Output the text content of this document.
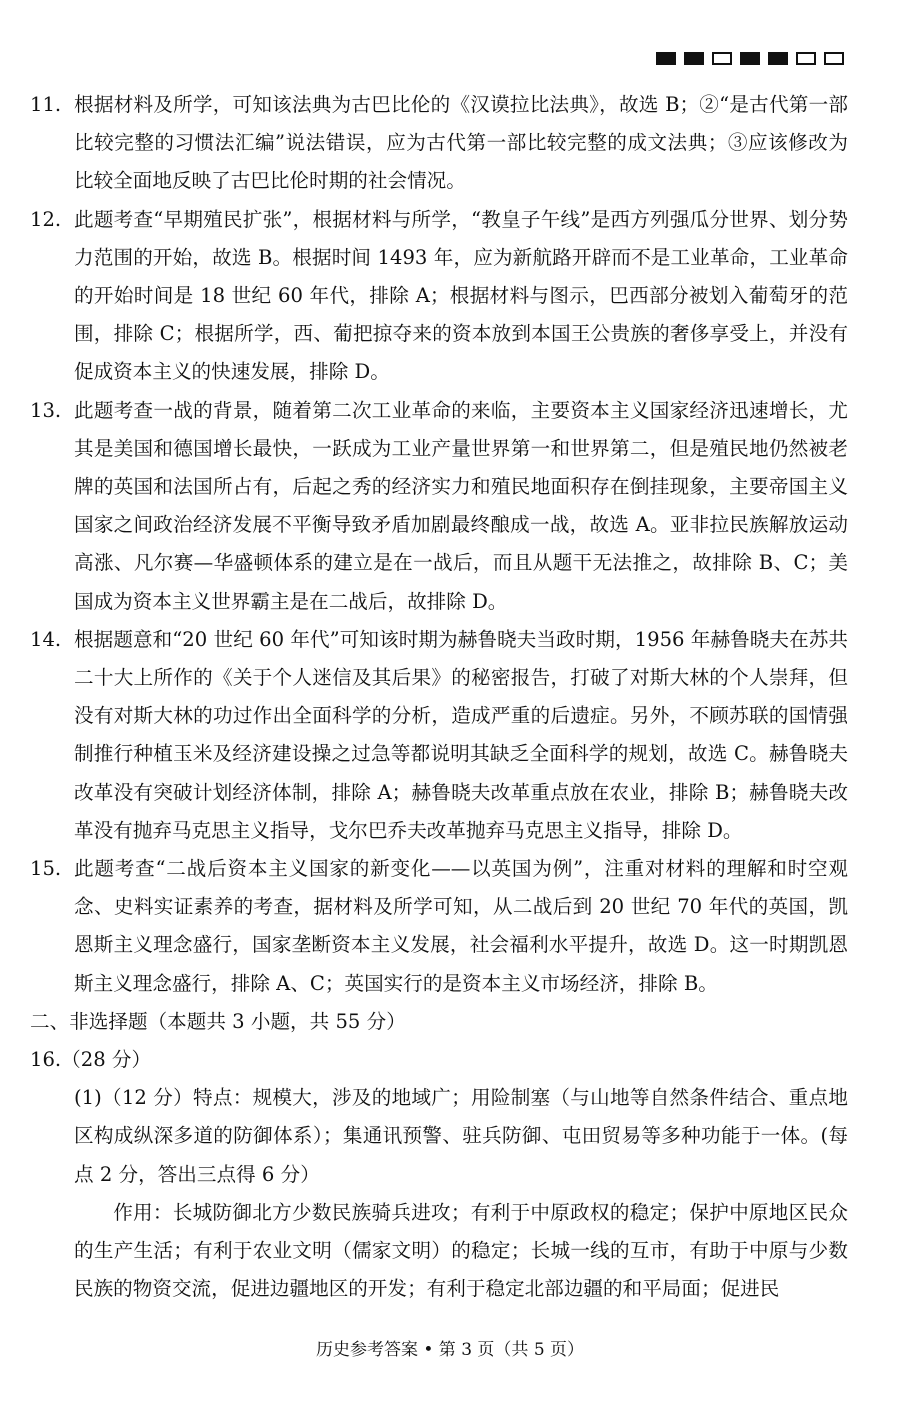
11. 根据材料及所学，可知该法典为古巴比伦的《汉谟拉比法典》，故选 B；②“是古代第一部比较完整的习惯法汇编”说法错误，应为古代第一部比较完整的成文法典；③应该修改为比较全面地反映了古巴比伦时期的社会情况。

12. 此题考查“早期殖民扩张”，根据材料与所学，“教皇子午线”是西方列强瓜分世界、划分势力范围的开始，故选 B。根据时间 1493 年，应为新航路开辟而不是工业革命，工业革命的开始时间是 18 世纪 60 年代，排除 A；根据材料与图示，巴西部分被划入葡萄牙的范围，排除 C；根据所学，西、葡把掠夺来的资本放到本国王公贵族的奢侈享受上，并没有促成资本主义的快速发展，排除 D。

13. 此题考查一战的背景，随着第二次工业革命的来临，主要资本主义国家经济迅速增长，尤其是美国和德国增长最快，一跃成为工业产量世界第一和世界第二，但是殖民地仍然被老牌的英国和法国所占有，后起之秀的经济实力和殖民地面积存在倒挂现象，主要帝国主义国家之间政治经济发展不平衡导致矛盾加剧最终酿成一战，故选 A。亚非拉民族解放运动高涨、凡尔赛—华盛顿体系的建立是在一战后，而且从题干无法推之，故排除 B、C；美国成为资本主义世界霸主是在二战后，故排除 D。

14. 根据题意和“20 世纪 60 年代”可知该时期为赫鲁晓夫当政时期，1956 年赫鲁晓夫在苏共二十大上所作的《关于个人迷信及其后果》的秘密报告，打破了对斯大林的个人崇拜，但没有对斯大林的功过作出全面科学的分析，造成严重的后遗症。另外，不顾苏联的国情强制推行种植玉米及经济建设操之过急等都说明其缺乏全面科学的规划，故选 C。赫鲁晓夫改革没有突破计划经济体制，排除 A；赫鲁晓夫改革重点放在农业，排除 B；赫鲁晓夫改革没有抛弃马克思主义指导，戈尔巴乔夫改革抛弃马克思主义指导，排除 D。

15. 此题考查“二战后资本主义国家的新变化——以英国为例”，注重对材料的理解和时空观念、史料实证素养的考查，据材料及所学可知，从二战后到 20 世纪 70 年代的英国，凯恩斯主义理念盛行，国家垄断资本主义发展，社会福利水平提升，故选 D。这一时期凯恩斯主义理念盛行，排除 A、C；英国实行的是资本主义市场经济，排除 B。

二、非选择题（本题共 3 小题，共 55 分）

16.（28 分）

(1)（12 分）特点：规模大，涉及的地域广；用险制塞（与山地等自然条件结合、重点地区构成纵深多道的防御体系）；集通讯预警、驻兵防御、屯田贸易等多种功能于一体。(每点 2 分，答出三点得 6 分）

作用：长城防御北方少数民族骑兵进攻；有利于中原政权的稳定；保护中原地区民众的生产生活；有利于农业文明（儒家文明）的稳定；长城一线的互市，有助于中原与少数民族的物资交流，促进边疆地区的开发；有利于稳定北部边疆的和平局面；促进民

历史参考答案 • 第 3 页（共 5 页）
